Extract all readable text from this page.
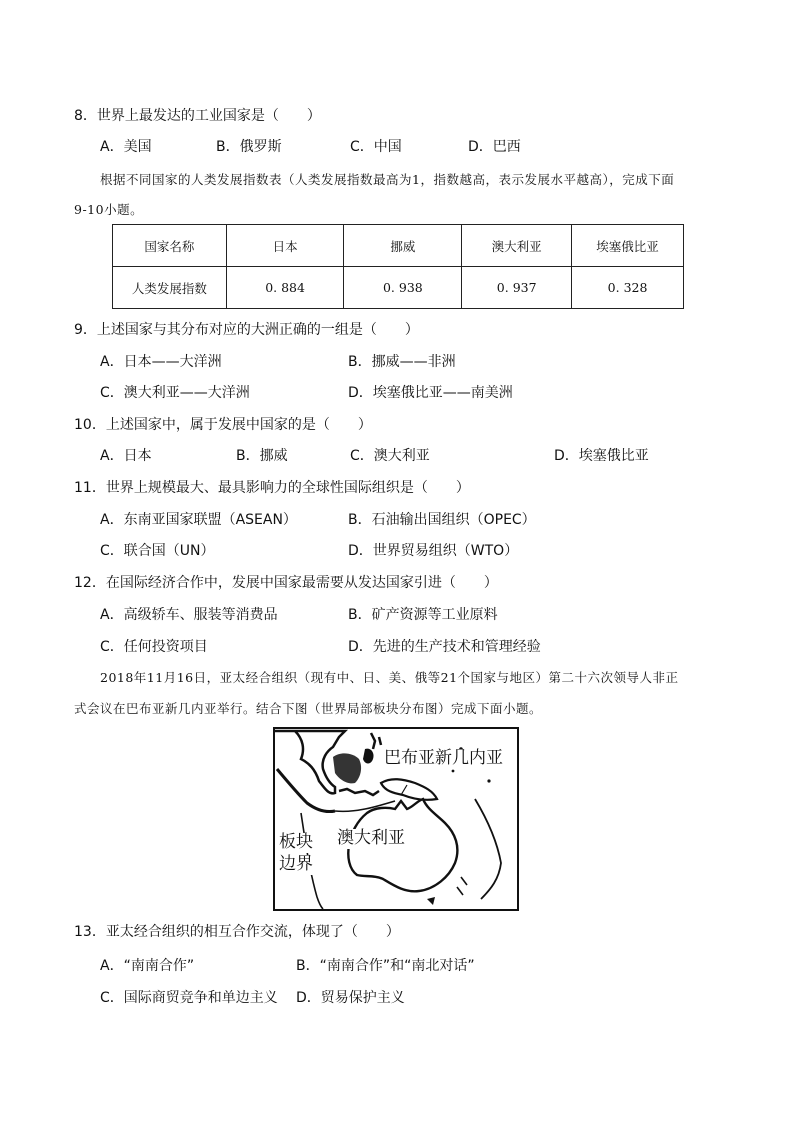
8．世界上最发达的工业国家是（　　）
A．美国	B．俄罗斯	C．中国	D．巴西
根据不同国家的人类发展指数表（人类发展指数最高为1，指数越高，表示发展水平越高），完成下面
9-10小题。
国家名称	日本	挪威	澳大利亚	埃塞俄比亚
人类发展指数	0. 884	0. 938	0. 937	0. 328
9．上述国家与其分布对应的大洲正确的一组是（　　）
A．日本——大洋洲	B．挪威——非洲
C．澳大利亚——大洋洲	D．埃塞俄比亚——南美洲
10．上述国家中，属于发展中国家的是（　　）
A．日本	B．挪威	C．澳大利亚	D．埃塞俄比亚
11．世界上规模最大、最具影响力的全球性国际组织是（　　）
A．东南亚国家联盟（ASEAN）	B．石油输出国组织（OPEC）
C．联合国（UN）	D．世界贸易组织（WTO）
12．在国际经济合作中，发展中国家最需要从发达国家引进（　　）
A．高级轿车、服装等消费品	B．矿产资源等工业原料
C．任何投资项目	D．先进的生产技术和管理经验
2018年11月16日，亚太经合组织（现有中、日、美、俄等21个国家与地区）第二十六次领导人非正
式会议在巴布亚新几内亚举行。结合下图（世界局部板块分布图）完成下面小题。
巴布亚新几内亚
澳大利亚
板块
边界
13．亚太经合组织的相互合作交流，体现了（　　）
A．“南南合作”	B．“南南合作”和“南北对话”
C．国际商贸竞争和单边主义 D．贸易保护主义
